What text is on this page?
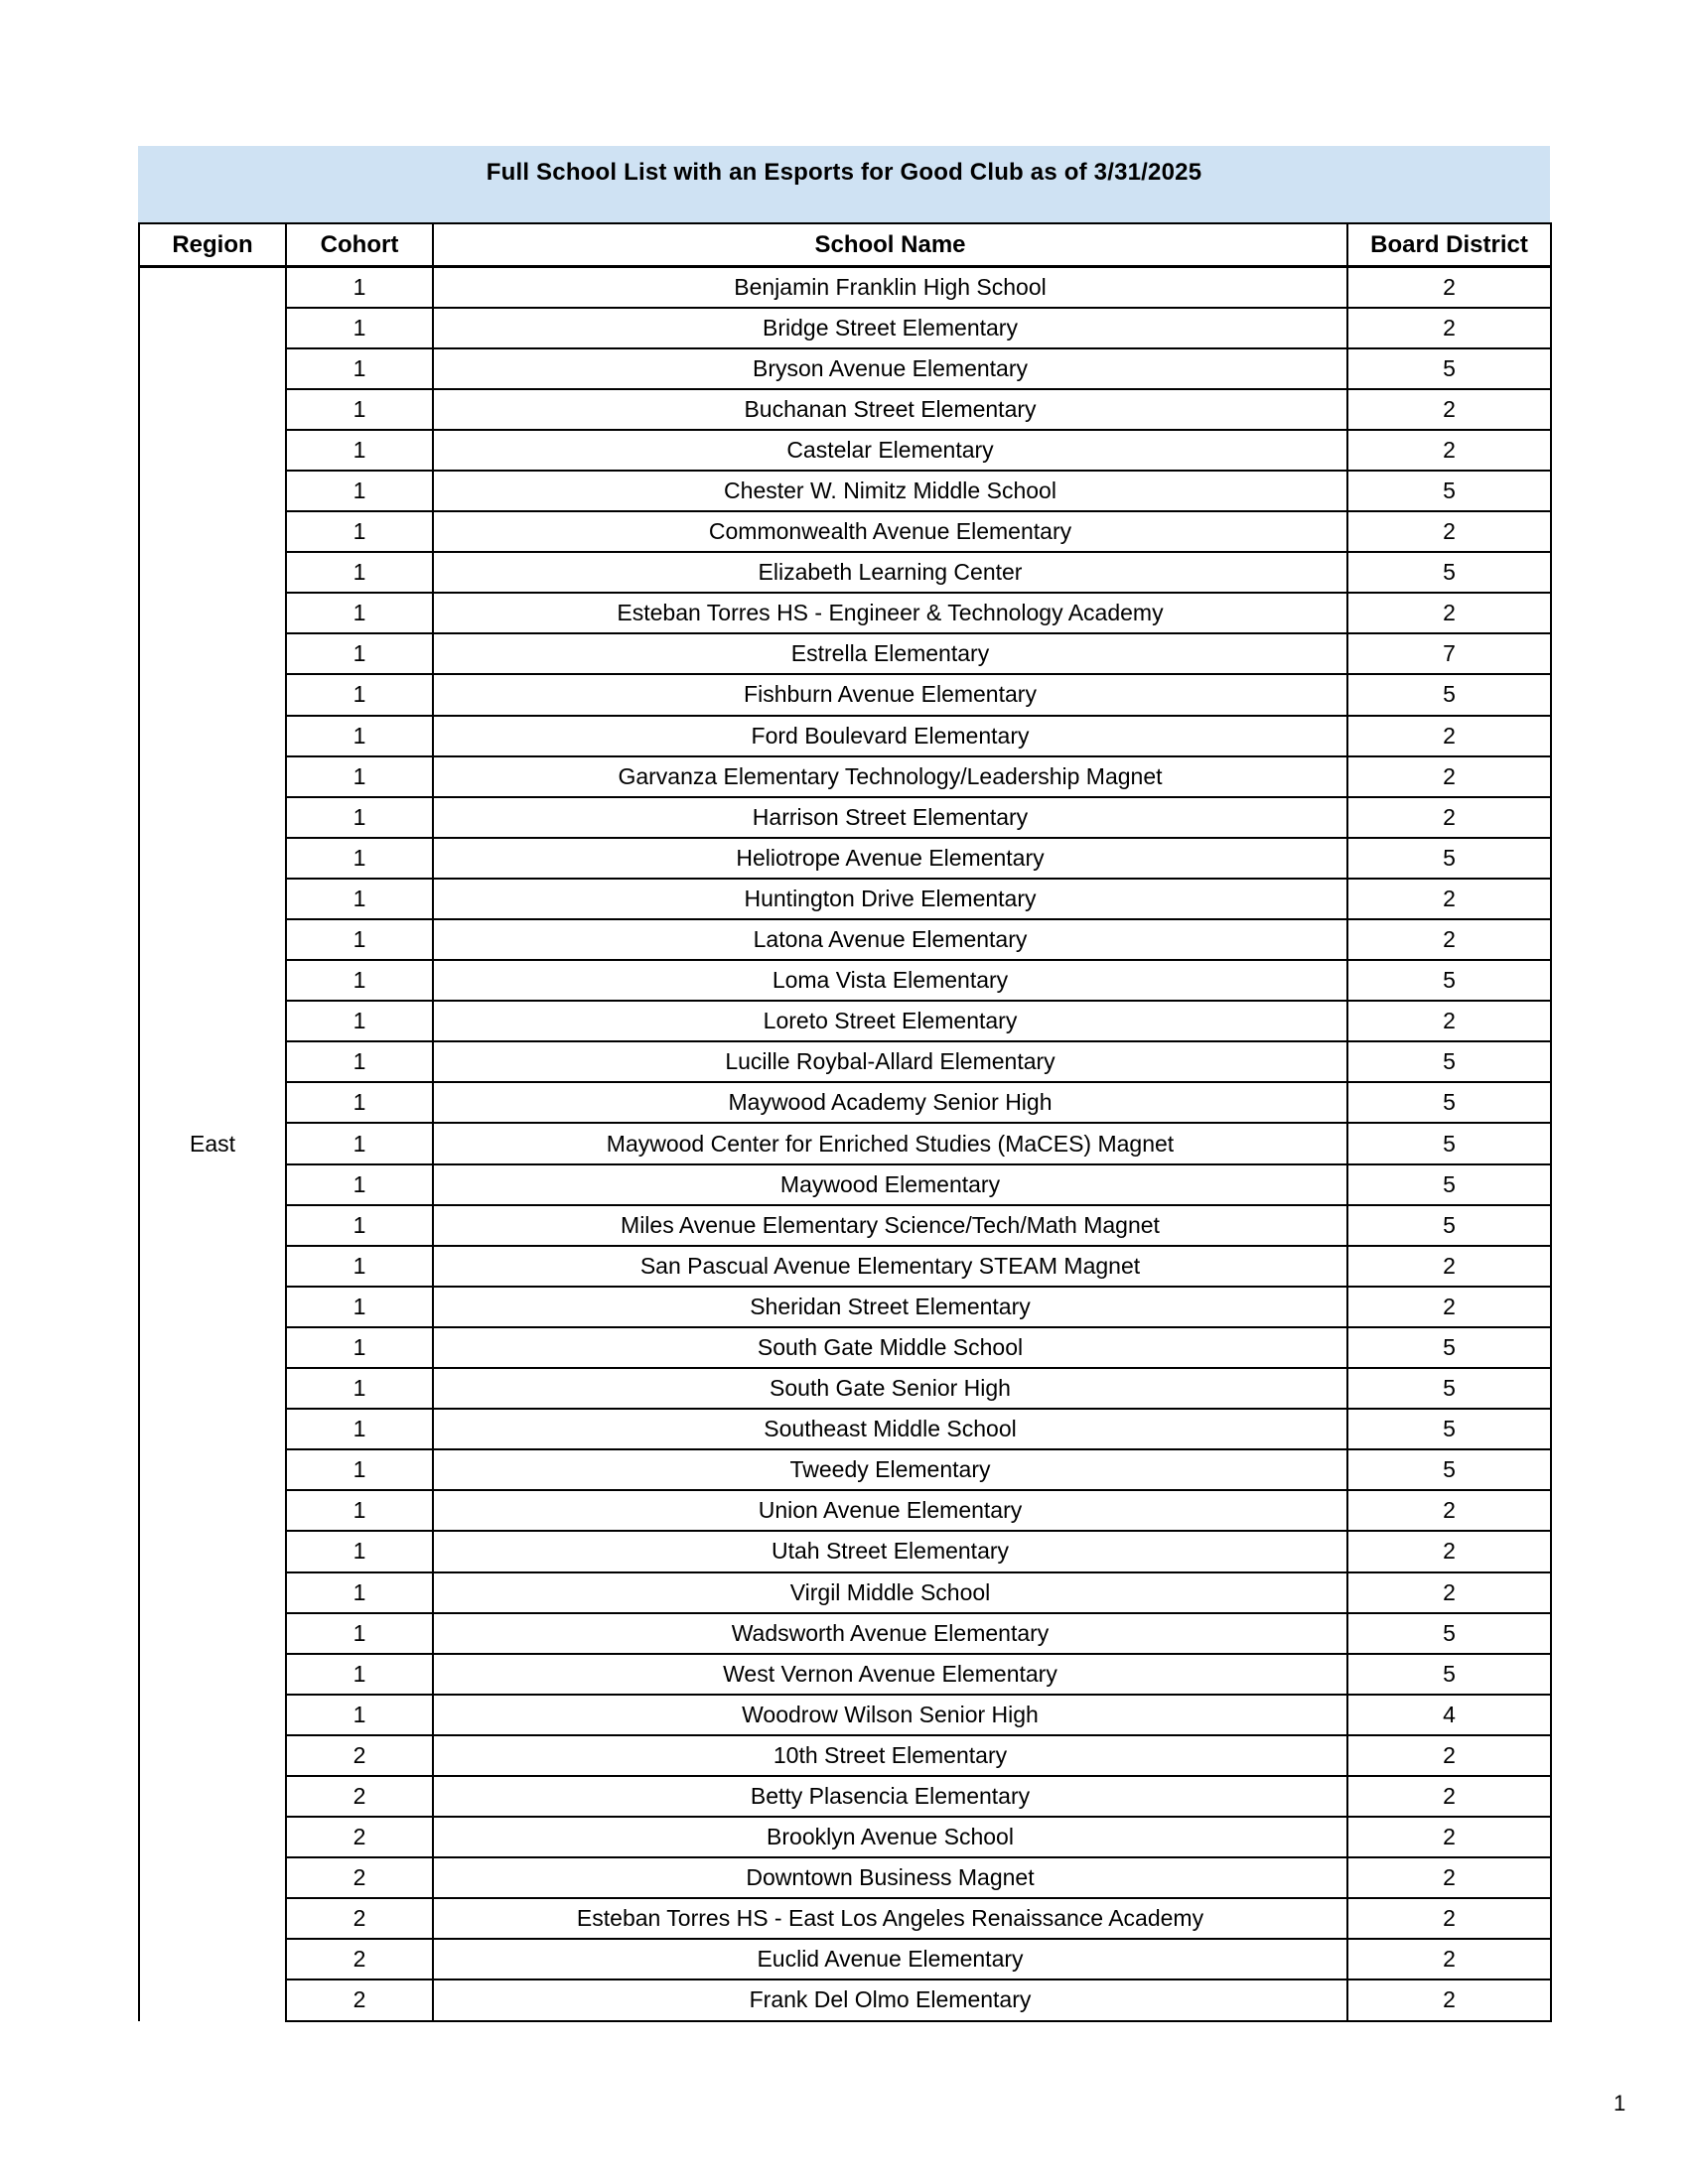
Full School List with an Esports for Good Club as of 3/31/2025
Region	Cohort	School Name	Board District
East	1	Benjamin Franklin High School	2
	1	Bridge Street Elementary	2
	1	Bryson Avenue Elementary	5
	1	Buchanan Street Elementary	2
	1	Castelar Elementary	2
	1	Chester W. Nimitz Middle School	5
	1	Commonwealth Avenue Elementary	2
	1	Elizabeth Learning Center	5
	1	Esteban Torres HS - Engineer & Technology Academy	2
	1	Estrella Elementary	7
	1	Fishburn Avenue Elementary	5
	1	Ford Boulevard Elementary	2
	1	Garvanza Elementary Technology/Leadership Magnet	2
	1	Harrison Street Elementary	2
	1	Heliotrope Avenue Elementary	5
	1	Huntington Drive Elementary	2
	1	Latona Avenue Elementary	2
	1	Loma Vista Elementary	5
	1	Loreto Street Elementary	2
	1	Lucille Roybal-Allard Elementary	5
	1	Maywood Academy Senior High	5
	1	Maywood Center for Enriched Studies (MaCES) Magnet	5
	1	Maywood Elementary	5
	1	Miles Avenue Elementary Science/Tech/Math Magnet	5
	1	San Pascual Avenue Elementary STEAM Magnet	2
	1	Sheridan Street Elementary	2
	1	South Gate Middle School	5
	1	South Gate Senior High	5
	1	Southeast Middle School	5
	1	Tweedy Elementary	5
	1	Union Avenue Elementary	2
	1	Utah Street Elementary	2
	1	Virgil Middle School	2
	1	Wadsworth Avenue Elementary	5
	1	West Vernon Avenue Elementary	5
	1	Woodrow Wilson Senior High	4
	2	10th Street Elementary	2
	2	Betty Plasencia Elementary	2
	2	Brooklyn Avenue School	2
	2	Downtown Business Magnet	2
	2	Esteban Torres HS - East Los Angeles Renaissance Academy	2
	2	Euclid Avenue Elementary	2
	2	Frank Del Olmo Elementary	2
1
